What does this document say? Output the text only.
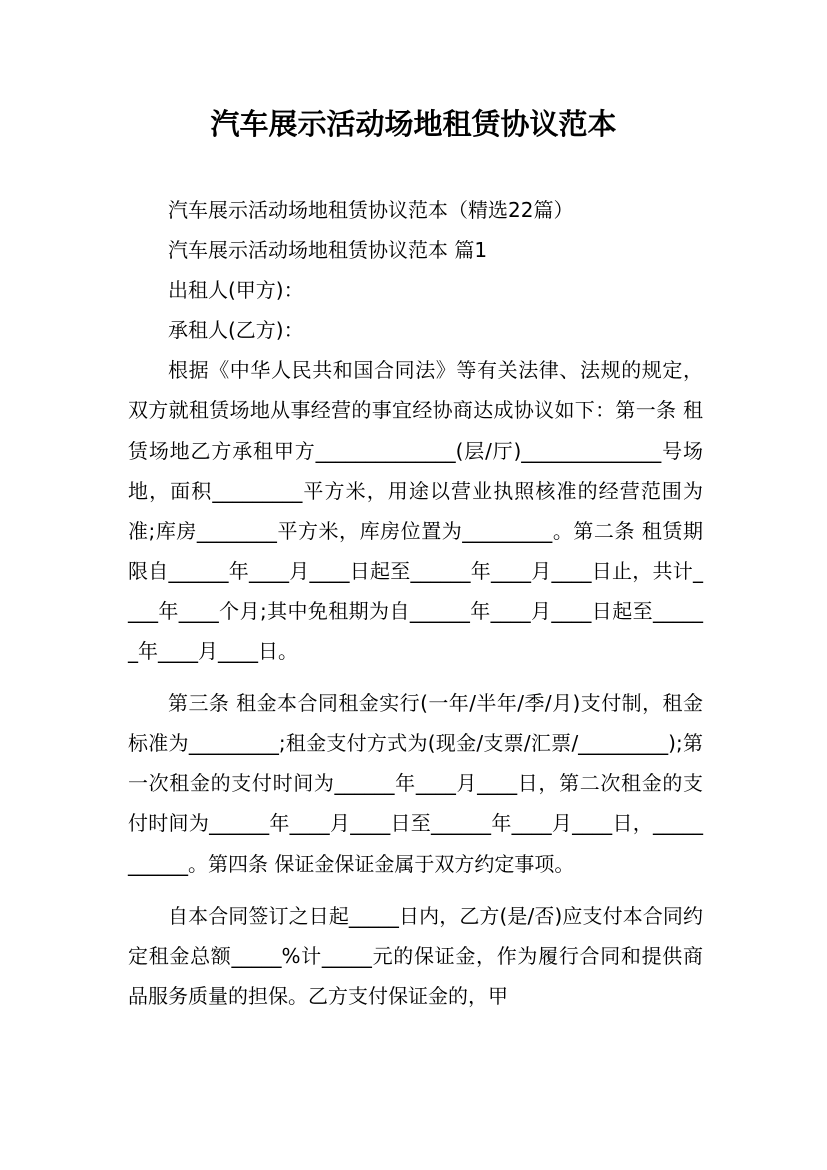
汽车展示活动场地租赁协议范本

汽车展示活动场地租赁协议范本（精选22篇）

汽车展示活动场地租赁协议范本 篇1

出租人(甲方)：

承租人(乙方)：

根据《中华人民共和国合同法》等有关法律、法规的规定，双方就租赁场地从事经营的事宜经协商达成协议如下：第一条 租赁场地乙方承租甲方______________(层/厅)______________号场地，面积_________平方米，用途以营业执照核准的经营范围为准;库房________平方米，库房位置为_________。第二条 租赁期限自______年____月____日起至______年____月____日止，共计____年____个月;其中免租期为自______年____月____日起至______年____月____日。

第三条 租金本合同租金实行(一年/半年/季/月)支付制，租金标准为_________;租金支付方式为(现金/支票/汇票/_________);第一次租金的支付时间为______年____月____日，第二次租金的支付时间为______年____月____日至______年____月____日，___________。第四条 保证金保证金属于双方约定事项。

自本合同签订之日起_____日内，乙方(是/否)应支付本合同约定租金总额_____%计_____元的保证金，作为履行合同和提供商品服务质量的担保。乙方支付保证金的，甲
